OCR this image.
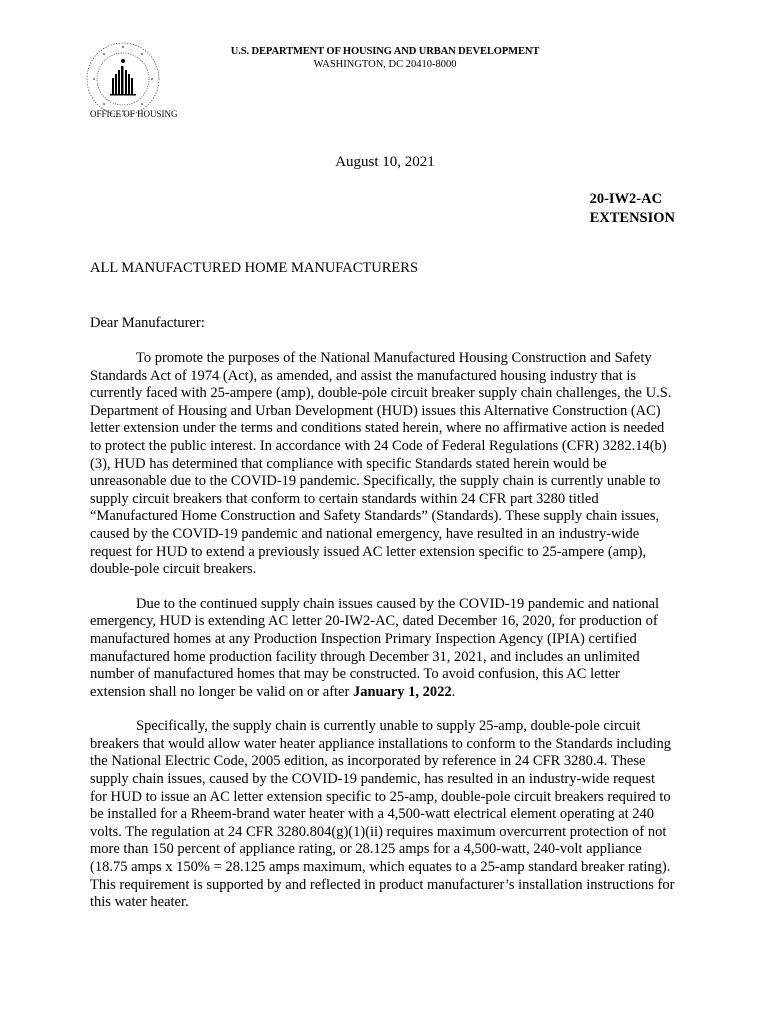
U.S. DEPARTMENT OF HOUSING AND URBAN DEVELOPMENT
WASHINGTON, DC 20410-8000
OFFICE OF HOUSING
August 10, 2021
20-IW2-AC
EXTENSION
ALL MANUFACTURED HOME MANUFACTURERS
Dear Manufacturer:

To promote the purposes of the National Manufactured Housing Construction and Safety Standards Act of 1974 (Act), as amended, and assist the manufactured housing industry that is currently faced with 25-ampere (amp), double-pole circuit breaker supply chain challenges, the U.S. Department of Housing and Urban Development (HUD) issues this Alternative Construction (AC) letter extension under the terms and conditions stated herein, where no affirmative action is needed to protect the public interest. In accordance with 24 Code of Federal Regulations (CFR) 3282.14(b)(3), HUD has determined that compliance with specific Standards stated herein would be unreasonable due to the COVID-19 pandemic. Specifically, the supply chain is currently unable to supply circuit breakers that conform to certain standards within 24 CFR part 3280 titled “Manufactured Home Construction and Safety Standards” (Standards). These supply chain issues, caused by the COVID-19 pandemic and national emergency, have resulted in an industry-wide request for HUD to extend a previously issued AC letter extension specific to 25-ampere (amp), double-pole circuit breakers.

Due to the continued supply chain issues caused by the COVID-19 pandemic and national emergency, HUD is extending AC letter 20-IW2-AC, dated December 16, 2020, for production of manufactured homes at any Production Inspection Primary Inspection Agency (IPIA) certified manufactured home production facility through December 31, 2021, and includes an unlimited number of manufactured homes that may be constructed. To avoid confusion, this AC letter extension shall no longer be valid on or after January 1, 2022.

Specifically, the supply chain is currently unable to supply 25-amp, double-pole circuit breakers that would allow water heater appliance installations to conform to the Standards including the National Electric Code, 2005 edition, as incorporated by reference in 24 CFR 3280.4. These supply chain issues, caused by the COVID-19 pandemic, has resulted in an industry-wide request for HUD to issue an AC letter extension specific to 25-amp, double-pole circuit breakers required to be installed for a Rheem-brand water heater with a 4,500-watt electrical element operating at 240 volts. The regulation at 24 CFR 3280.804(g)(1)(ii) requires maximum overcurrent protection of not more than 150 percent of appliance rating, or 28.125 amps for a 4,500-watt, 240-volt appliance (18.75 amps x 150% = 28.125 amps maximum, which equates to a 25-amp standard breaker rating). This requirement is supported by and reflected in product manufacturer’s installation instructions for this water heater.
